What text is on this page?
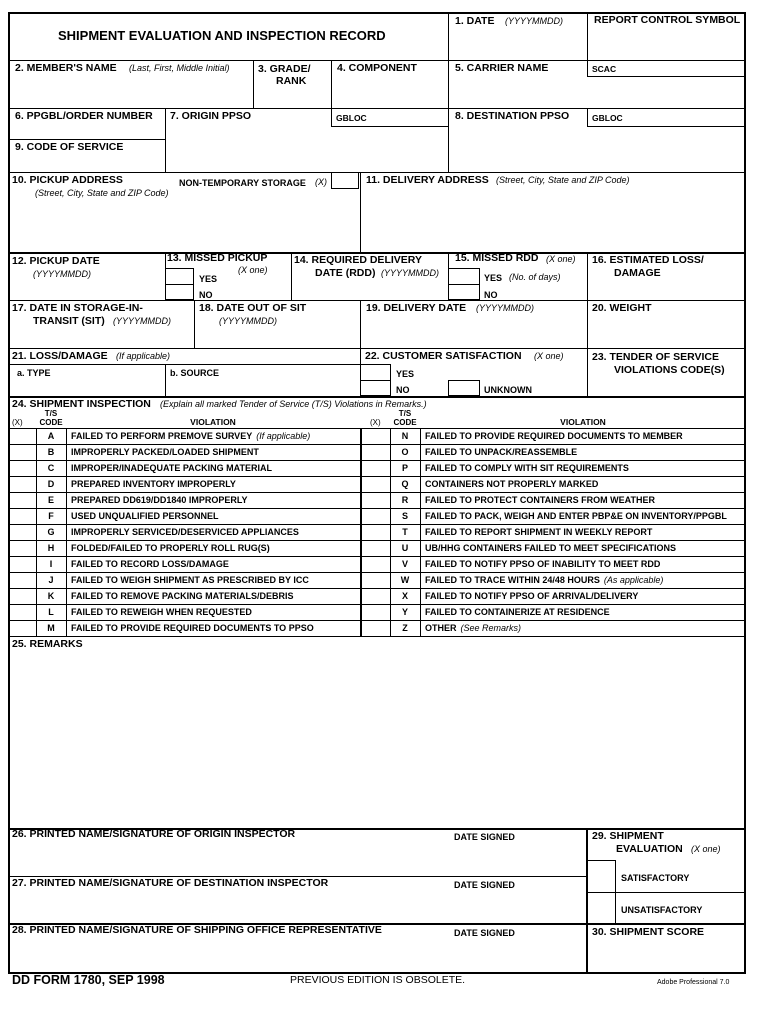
SHIPMENT EVALUATION AND INSPECTION RECORD
1. DATE (YYYYMMDD)	REPORT CONTROL SYMBOL
2. MEMBER'S NAME (Last, First, Middle Initial)	3. GRADE/
RANK
4. COMPONENT	5. CARRIER NAME	SCAC
6. PPGBL/ORDER NUMBER 7. ORIGIN PPSO	GBLOC	8. DESTINATION PPSO	GBLOC
9. CODE OF SERVICE
10. PICKUP ADDRESS
(Street, City, State and ZIP Code)
NON-TEMPORARY STORAGE (X)	11. DELIVERY ADDRESS (Street, City, State and ZIP Code)
12. PICKUP DATE
(YYYYMMDD)
13. MISSED PICKUP
(X one)
YES
NO
14. REQUIRED DELIVERY
DATE (RDD) (YYYYMMDD)
15. MISSED RDD (X one)
YES (No. of days)
NO
16. ESTIMATED LOSS/
DAMAGE
17. DATE IN STORAGE-IN-
TRANSIT (SIT) (YYYYMMDD)
18. DATE OUT OF SIT
(YYYYMMDD)
19. DELIVERY DATE (YYYYMMDD)	20. WEIGHT
21. LOSS/DAMAGE (If applicable)
a. TYPE	b. SOURCE
22. CUSTOMER SATISFACTION (X one)
YES
NO	UNKNOWN
23. TENDER OF SERVICE
VIOLATIONS CODE(S)
24. SHIPMENT INSPECTION (Explain all marked Tender of Service (T/S) Violations in Remarks.)
(X)
T/S
CODE	VIOLATION	(X)
T/S
CODE	VIOLATION
A	FAILED TO PERFORM PREMOVE SURVEY (If applicable)
B	IMPROPERLY PACKED/LOADED SHIPMENT
C	IMPROPER/INADEQUATE PACKING MATERIAL
D	PREPARED INVENTORY IMPROPERLY
E	PREPARED DD619/DD1840 IMPROPERLY
F	USED UNQUALIFIED PERSONNEL
G	IMPROPERLY SERVICED/DESERVICED APPLIANCES
H	FOLDED/FAILED TO PROPERLY ROLL RUG(S)
I	FAILED TO RECORD LOSS/DAMAGE
J	FAILED TO WEIGH SHIPMENT AS PRESCRIBED BY ICC
K	FAILED TO REMOVE PACKING MATERIALS/DEBRIS
L	FAILED TO REWEIGH WHEN REQUESTED
M	FAILED TO PROVIDE REQUIRED DOCUMENTS TO PPSO
N	FAILED TO PROVIDE REQUIRED DOCUMENTS TO MEMBER
O	FAILED TO UNPACK/REASSEMBLE
P	FAILED TO COMPLY WITH SIT REQUIREMENTS
Q	CONTAINERS NOT PROPERLY MARKED
R	FAILED TO PROTECT CONTAINERS FROM WEATHER
S	FAILED TO PACK, WEIGH AND ENTER PBP&E ON INVENTORY/PPGBL
T	FAILED TO REPORT SHIPMENT IN WEEKLY REPORT
U	UB/HHG CONTAINERS FAILED TO MEET SPECIFICATIONS
V	FAILED TO NOTIFY PPSO OF INABILITY TO MEET RDD
W	FAILED TO TRACE WITHIN 24/48 HOURS (As applicable)
X	FAILED TO NOTIFY PPSO OF ARRIVAL/DELIVERY
Y	FAILED TO CONTAINERIZE AT RESIDENCE
Z	OTHER (See Remarks)
25. REMARKS
26. PRINTED NAME/SIGNATURE OF ORIGIN INSPECTOR	DATE SIGNED
27. PRINTED NAME/SIGNATURE OF DESTINATION INSPECTOR	DATE SIGNED
28. PRINTED NAME/SIGNATURE OF SHIPPING OFFICE REPRESENTATIVE	DATE SIGNED
29. SHIPMENT
EVALUATION (X one)
SATISFACTORY
UNSATISFACTORY
30. SHIPMENT SCORE
DD FORM 1780, SEP 1998	PREVIOUS EDITION IS OBSOLETE.	Adobe Professional 7.0
